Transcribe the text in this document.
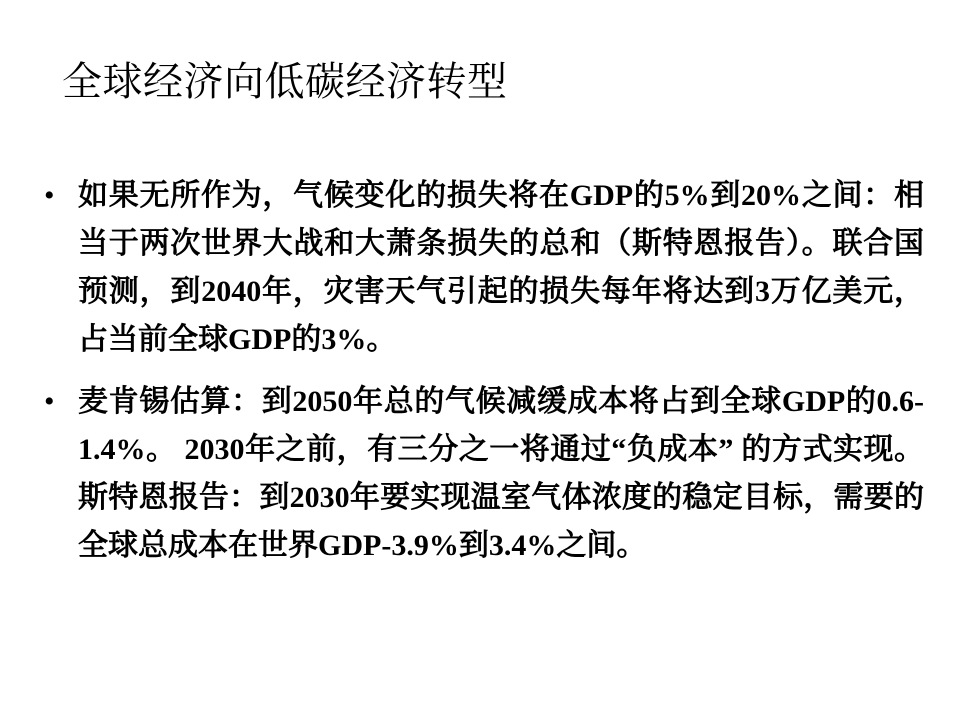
全球经济向低碳经济转型
• 如果无所作为，气候变化的损失将在GDP的5%到20%之间：相当于两次世界大战和大萧条损失的总和（斯特恩报告）。联合国预测，到2040年，灾害天气引起的损失每年将达到3万亿美元，占当前全球GDP的3%。
• 麦肯锡估算：到2050年总的气候减缓成本将占到全球GDP的0.6-1.4%。 2030年之前，有三分之一将通过“负成本” 的方式实现。 斯特恩报告：到2030年要实现温室气体浓度的稳定目标，需要的全球总成本在世界GDP-3.9%到3.4%之间。
